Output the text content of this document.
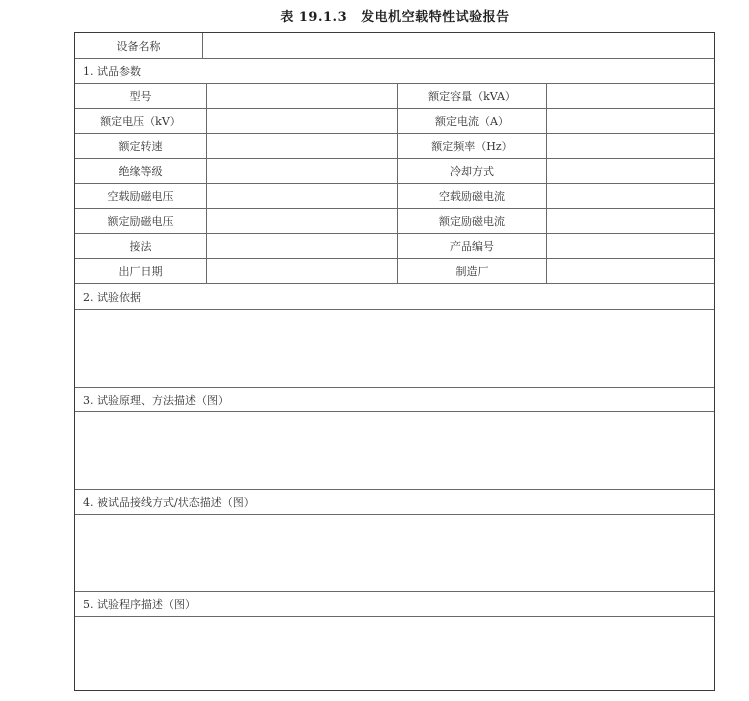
表 19.1.3 发电机空载特性试验报告
设备名称
1. 试品参数
型号	额定容量（kVA）
额定电压（kV）	额定电流（A）
额定转速	额定频率（Hz）
绝缘等级	冷却方式
空载励磁电压	空载励磁电流
额定励磁电压	额定励磁电流
接法	产品编号
出厂日期	制造厂
2. 试验依据
3. 试验原理、方法描述（图）
4. 被试品接线方式/状态描述（图）
5. 试验程序描述（图）
